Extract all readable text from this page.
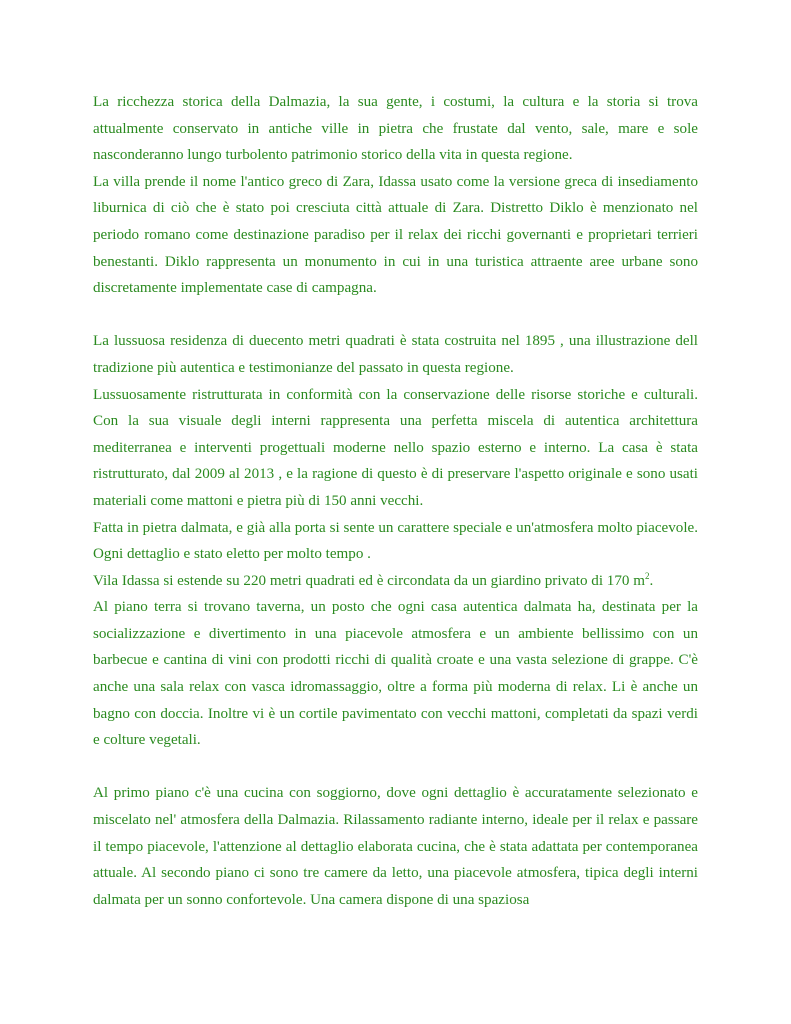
La ricchezza storica della Dalmazia, la sua gente, i costumi, la cultura e la storia si trova attualmente conservato in antiche ville in pietra che frustate dal vento, sale, mare e sole nasconderanno lungo turbolento patrimonio storico della vita in questa regione.

La villa prende il nome l'antico greco di Zara, Idassa usato come la versione greca di insediamento liburnica di ciò che è stato poi cresciuta città attuale di Zara. Distretto Diklo è menzionato nel periodo romano come destinazione paradiso per il relax dei ricchi governanti e proprietari terrieri benestanti. Diklo rappresenta un monumento in cui in una turistica attraente aree urbane sono discretamente implementate case di campagna.

La lussuosa residenza di duecento metri quadrati è stata costruita nel 1895 , una illustrazione dell tradizione più autentica e testimonianze del passato in questa regione.

Lussuosamente ristrutturata in conformità con la conservazione delle risorse storiche e culturali. Con la sua visuale degli interni rappresenta una perfetta miscela di autentica architettura mediterranea e interventi progettuali moderne nello spazio esterno e interno. La casa è stata ristrutturato, dal 2009 al 2013 , e la ragione di questo è di preservare l'aspetto originale e sono usati materiali come mattoni e pietra più di 150 anni vecchi.

Fatta in pietra dalmata, e già alla porta si sente un carattere speciale e un'atmosfera molto piacevole. Ogni dettaglio e stato eletto per molto tempo .

Vila Idassa si estende su 220 metri quadrati ed è circondata da un giardino privato di 170 $m^2$.

Al piano terra si trovano taverna, un posto che ogni casa autentica dalmata ha, destinata per la socializzazione e divertimento in una piacevole atmosfera e un ambiente bellissimo con un barbecue e cantina di vini con prodotti ricchi di qualità croate e una vasta selezione di grappe. C'è anche una sala relax con vasca idromassaggio, oltre a forma più moderna di relax. Li è anche un bagno con doccia. Inoltre vi è un cortile pavimentato con vecchi mattoni, completati da spazi verdi e colture vegetali.

Al primo piano c'è una cucina con soggiorno, dove ogni dettaglio è accuratamente selezionato e miscelato nel' atmosfera della Dalmazia. Rilassamento radiante interno, ideale per il relax e passare il tempo piacevole, l'attenzione al dettaglio elaborata cucina, che è stata adattata per contemporanea attuale. Al secondo piano ci sono tre camere da letto, una piacevole atmosfera, tipica degli interni dalmata per un sonno confortevole. Una camera dispone di una spaziosa
